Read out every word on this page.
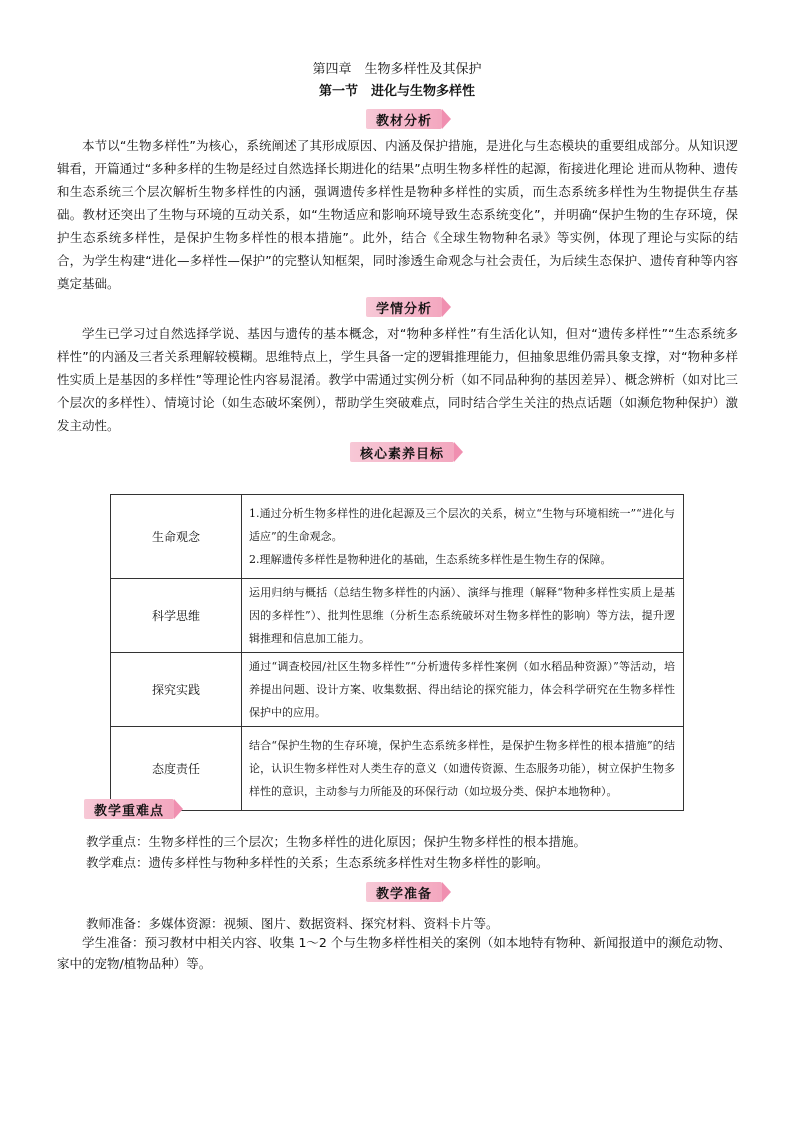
第四章　生物多样性及其保护
第一节　进化与生物多样性
教材分析

本节以“生物多样性”为核心，系统阐述了其形成原因、内涵及保护措施，是进化与生态模块的重要组成部分。从知识逻辑看，开篇通过“多种多样的生物是经过自然选择长期进化的结果”点明生物多样性的起源，衔接进化理论 进而从物种、遗传和生态系统三个层次解析生物多样性的内涵，强调遗传多样性是物种多样性的实质，而生态系统多样性为生物提供生存基础。教材还突出了生物与环境的互动关系，如“生物适应和影响环境导致生态系统变化”，并明确“保护生物的生存环境，保护生态系统多样性，是保护生物多样性的根本措施”。此外，结合《全球生物物种名录》等实例，体现了理论与实际的结合，为学生构建“进化—多样性—保护”的完整认知框架，同时渗透生命观念与社会责任，为后续生态保护、遗传育种等内容奠定基础。

学情分析

学生已学习过自然选择学说、基因与遗传的基本概念，对“物种多样性”有生活化认知，但对“遗传多样性”“生态系统多样性”的内涵及三者关系理解较模糊。思维特点上，学生具备一定的逻辑推理能力，但抽象思维仍需具象支撑，对“物种多样性实质上是基因的多样性”等理论性内容易混淆。教学中需通过实例分析（如不同品种狗的基因差异）、概念辨析（如对比三个层次的多样性）、情境讨论（如生态破坏案例），帮助学生突破难点，同时结合学生关注的热点话题（如濒危物种保护）激发主动性。

核心素养目标
生命观念	1.通过分析生物多样性的进化起源及三个层次的关系，树立“生物与环境相统一”“进化与适应”的生命观念。
2.理解遗传多样性是物种进化的基础，生态系统多样性是生物生存的保障。

科学思维	运用归纳与概括（总结生物多样性的内涵）、演绎与推理（解释“物种多样性实质上是基因的多样性”）、批判性思维（分析生态系统破坏对生物多样性的影响）等方法，提升逻辑推理和信息加工能力。
探究实践	通过“调查校园/社区生物多样性”“分析遗传多样性案例（如水稻品种资源）”等活动，培养提出问题、设计方案、收集数据、得出结论的探究能力，体会科学研究在生物多样性保护中的应用。
态度责任	结合“保护生物的生存环境，保护生态系统多样性，是保护生物多样性的根本措施”的结论，认识生物多样性对人类生存的意义（如遗传资源、生态服务功能），树立保护生物多样性的意识，主动参与力所能及的环保行动（如垃圾分类、保护本地物种）。
教学重难点
教学重点：生物多样性的三个层次；生物多样性的进化原因；保护生物多样性的根本措施。
教学难点：遗传多样性与物种多样性的关系；生态系统多样性对生物多样性的影响。
教学准备
教师准备：多媒体资源：视频、图片、数据资料、探究材料、资料卡片等。

学生准备：预习教材中相关内容、收集 1～2 个与生物多样性相关的案例（如本地特有物种、新闻报道中的濒危动物、家中的宠物/植物品种）等。
